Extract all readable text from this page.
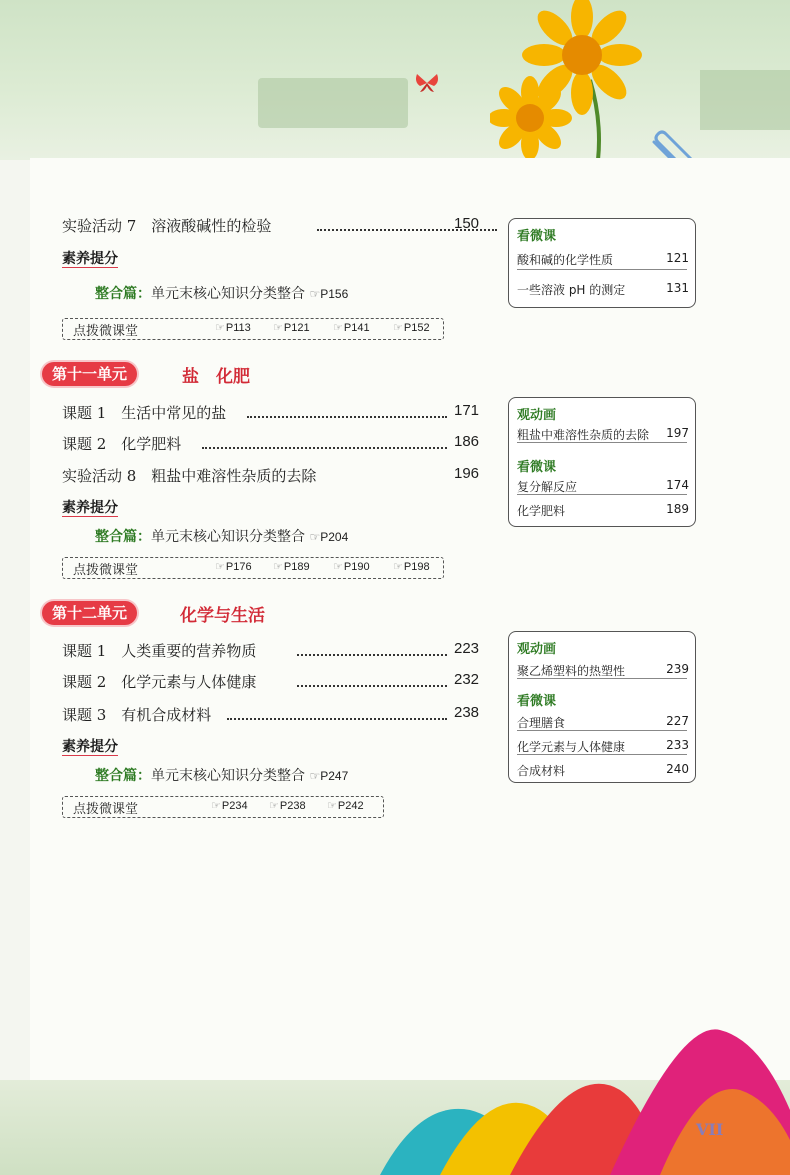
实验活动 7　溶液酸碱性的检验	150
素养提分
整合篇：单元末核心知识分类整合 ☞P156
点拨微课堂	☞P113 ☞P121 ☞P141 ☞P152
看微课
酸和碱的化学性质	121
一些溶液 pH 的测定	131
第十一单元	盐　化肥
课题 1　生活中常见的盐	171
课题 2　化学肥料	186
实验活动 8　粗盐中难溶性杂质的去除	196
素养提分
整合篇：单元末核心知识分类整合 ☞P204
点拨微课堂	☞P176 ☞P189 ☞P190 ☞P198
观动画
粗盐中难溶性杂质的去除 197
看微课
复分解反应	174
化学肥料	189
第十二单元	化学与生活
课题 1　人类重要的营养物质	223
课题 2　化学元素与人体健康	232
课题 3　有机合成材料	238
素养提分
整合篇：单元末核心知识分类整合 ☞P247
点拨微课堂	☞P234 ☞P238 ☞P242
观动画
聚乙烯塑料的热塑性	239
看微课
合理膳食	227
化学元素与人体健康	233
合成材料	240
VII
